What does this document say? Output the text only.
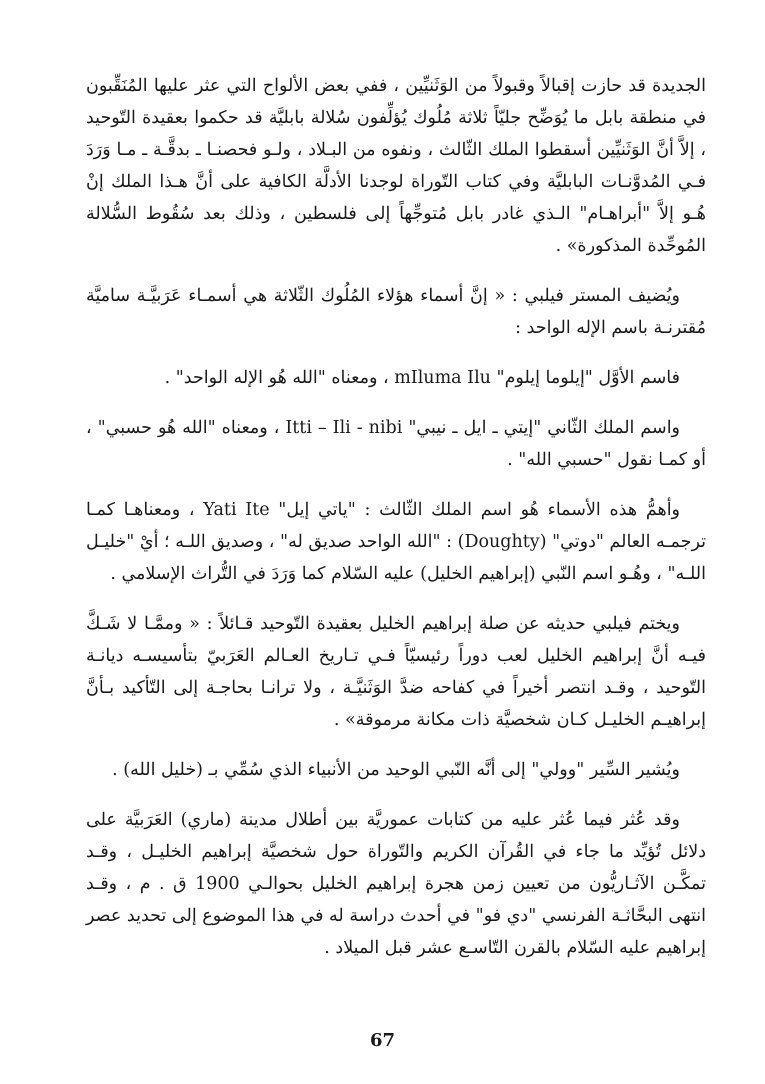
الجديدة قد حازت إقبالاً وقبولاً من الوَثَنيِّين ، ففي بعض الألواح التي عثر عليها المُنَقِّبون في منطقة بابل ما يُوَضِّح جليّاً ثلاثة مُلُوك يُؤلِّفون سُلالة بابليَّة قد حكموا بعقيدة التّوحيد ، إلاَّ أنَّ الوَثَنيِّين أسقطوا الملك الثّالث ، ونفوه من البـلاد ، ولـو فحصنـا ـ بدقَّـة ـ مـا وَرَدَ فـي المُدوَّنـات البابليَّة وفي كتاب التّوراة لوجدنا الأدلَّة الكافية على أنَّ هـذا الملك إنْ هُـو إلاَّ "أبراهـام" الـذي غادر بابل مُتوجِّهاً إلى فلسطين ، وذلك بعد سُقُوط السُّلالة المُوحِّدة المذكورة» .

ويُضيف المستر فيلبي : « إنَّ أسماء هؤلاء المُلُوك الثّلاثة هي أسمـاء عَرَبيَّـة ساميَّة مُقترنـة باسم الإله الواحد :

فاسم الأوَّل "إيلوما إيلوم" mIluma Ilu ، ومعناه "الله هُو الإله الواحد" .

واسم الملك الثّاني "إيتي ـ ايل ـ نيبي" Itti – Ili - nibi ، ومعناه "الله هُو حسبي" ، أو كمـا نقول "حسبي الله" .

وأهمُّ هذه الأسماء هُو اسم الملك الثّالث : "ياتي إيل" Yati Ite ، ومعناهـا كمـا ترجمـه العالم "دوتي" (Doughty) : "الله الواحد صديق له" ، وصديق اللـه ؛ أيْ "خليـل اللـه" ، وهُـو اسم النّبي (إبراهيم الخليل) عليه السّلام كما وَرَدَ في التُّراث الإسلامي .

ويختم فيلبي حديثه عن صلة إبراهيم الخليل بعقيدة التّوحيد قـائلاً : « وممَّـا لا شَـكَّ فيـه أنَّ إبراهيم الخليل لعب دوراً رئيسيّاً فـي تـاريخ العـالم العَرَبيّ بتأسيسـه ديانـة التّوحيد ، وقـد انتصر أخيراً في كفاحه ضدَّ الوَثَنيَّـة ، ولا ترانـا بحاجـة إلى التّأكيد بـأنَّ إبراهيـم الخليـل كـان شخصيَّة ذات مكانة مرموقة» .

ويُشير السِّير "وولي" إلى أنَّه النّبي الوحيد من الأنبياء الذي سُمِّي بـ (خليل الله) .

وقد عُثر فيما عُثر عليه من كتابات عموريَّة بين أطلال مدينة (ماري) العَرَبيَّة على دلائل تُؤيِّد ما جاء في القُرآن الكريم والتّوراة حول شخصيَّة إبراهيم الخليـل ، وقـد تمكَّـن الآثـاريُّون من تعيين زمن هجرة إبراهيم الخليل بحوالـي 1900 ق . م ، وقـد انتهى البحَّاثـة الفرنسي "دي فو" في أحدث دراسة له في هذا الموضوع إلى تحديد عصر إبراهيم عليه السّلام بالقرن التّاسـع عشر قبل الميلاد .

67
